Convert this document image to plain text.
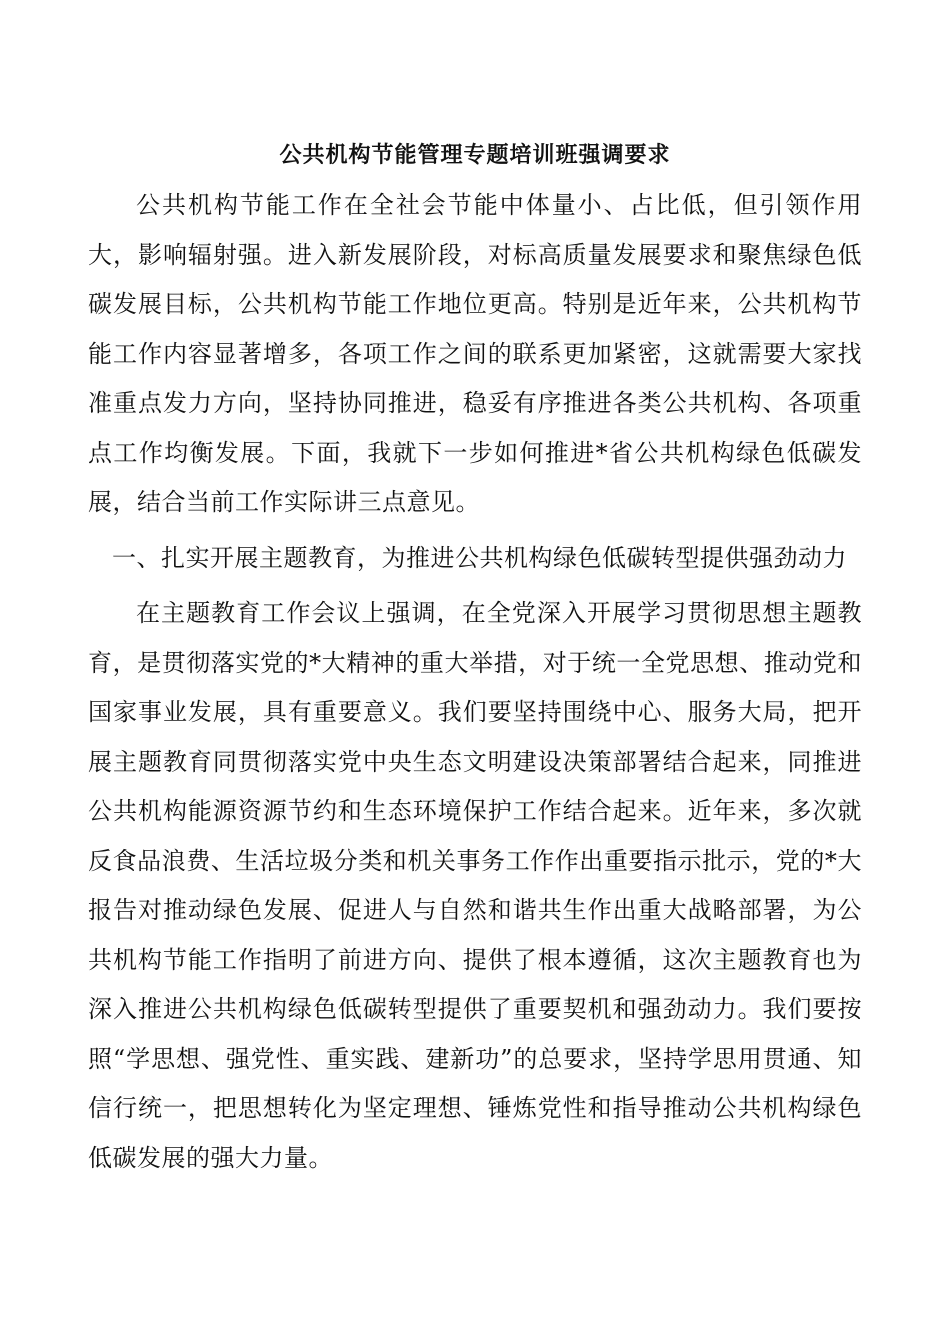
公共机构节能管理专题培训班强调要求

公共机构节能工作在全社会节能中体量小、占比低，但引领作用大，影响辐射强。进入新发展阶段，对标高质量发展要求和聚焦绿色低碳发展目标，公共机构节能工作地位更高。特别是近年来，公共机构节能工作内容显著增多，各项工作之间的联系更加紧密，这就需要大家找准重点发力方向，坚持协同推进，稳妥有序推进各类公共机构、各项重点工作均衡发展。下面，我就下一步如何推进*省公共机构绿色低碳发展，结合当前工作实际讲三点意见。

一、扎实开展主题教育，为推进公共机构绿色低碳转型提供强劲动力

在主题教育工作会议上强调，在全党深入开展学习贯彻思想主题教育，是贯彻落实党的*大精神的重大举措，对于统一全党思想、推动党和国家事业发展，具有重要意义。我们要坚持围绕中心、服务大局，把开展主题教育同贯彻落实党中央生态文明建设决策部署结合起来，同推进公共机构能源资源节约和生态环境保护工作结合起来。近年来，多次就反食品浪费、生活垃圾分类和机关事务工作作出重要指示批示，党的*大报告对推动绿色发展、促进人与自然和谐共生作出重大战略部署，为公共机构节能工作指明了前进方向、提供了根本遵循，这次主题教育也为深入推进公共机构绿色低碳转型提供了重要契机和强劲动力。我们要按照“学思想、强党性、重实践、建新功”的总要求，坚持学思用贯通、知信行统一，把思想转化为坚定理想、锤炼党性和指导推动公共机构绿色低碳发展的强大力量。
